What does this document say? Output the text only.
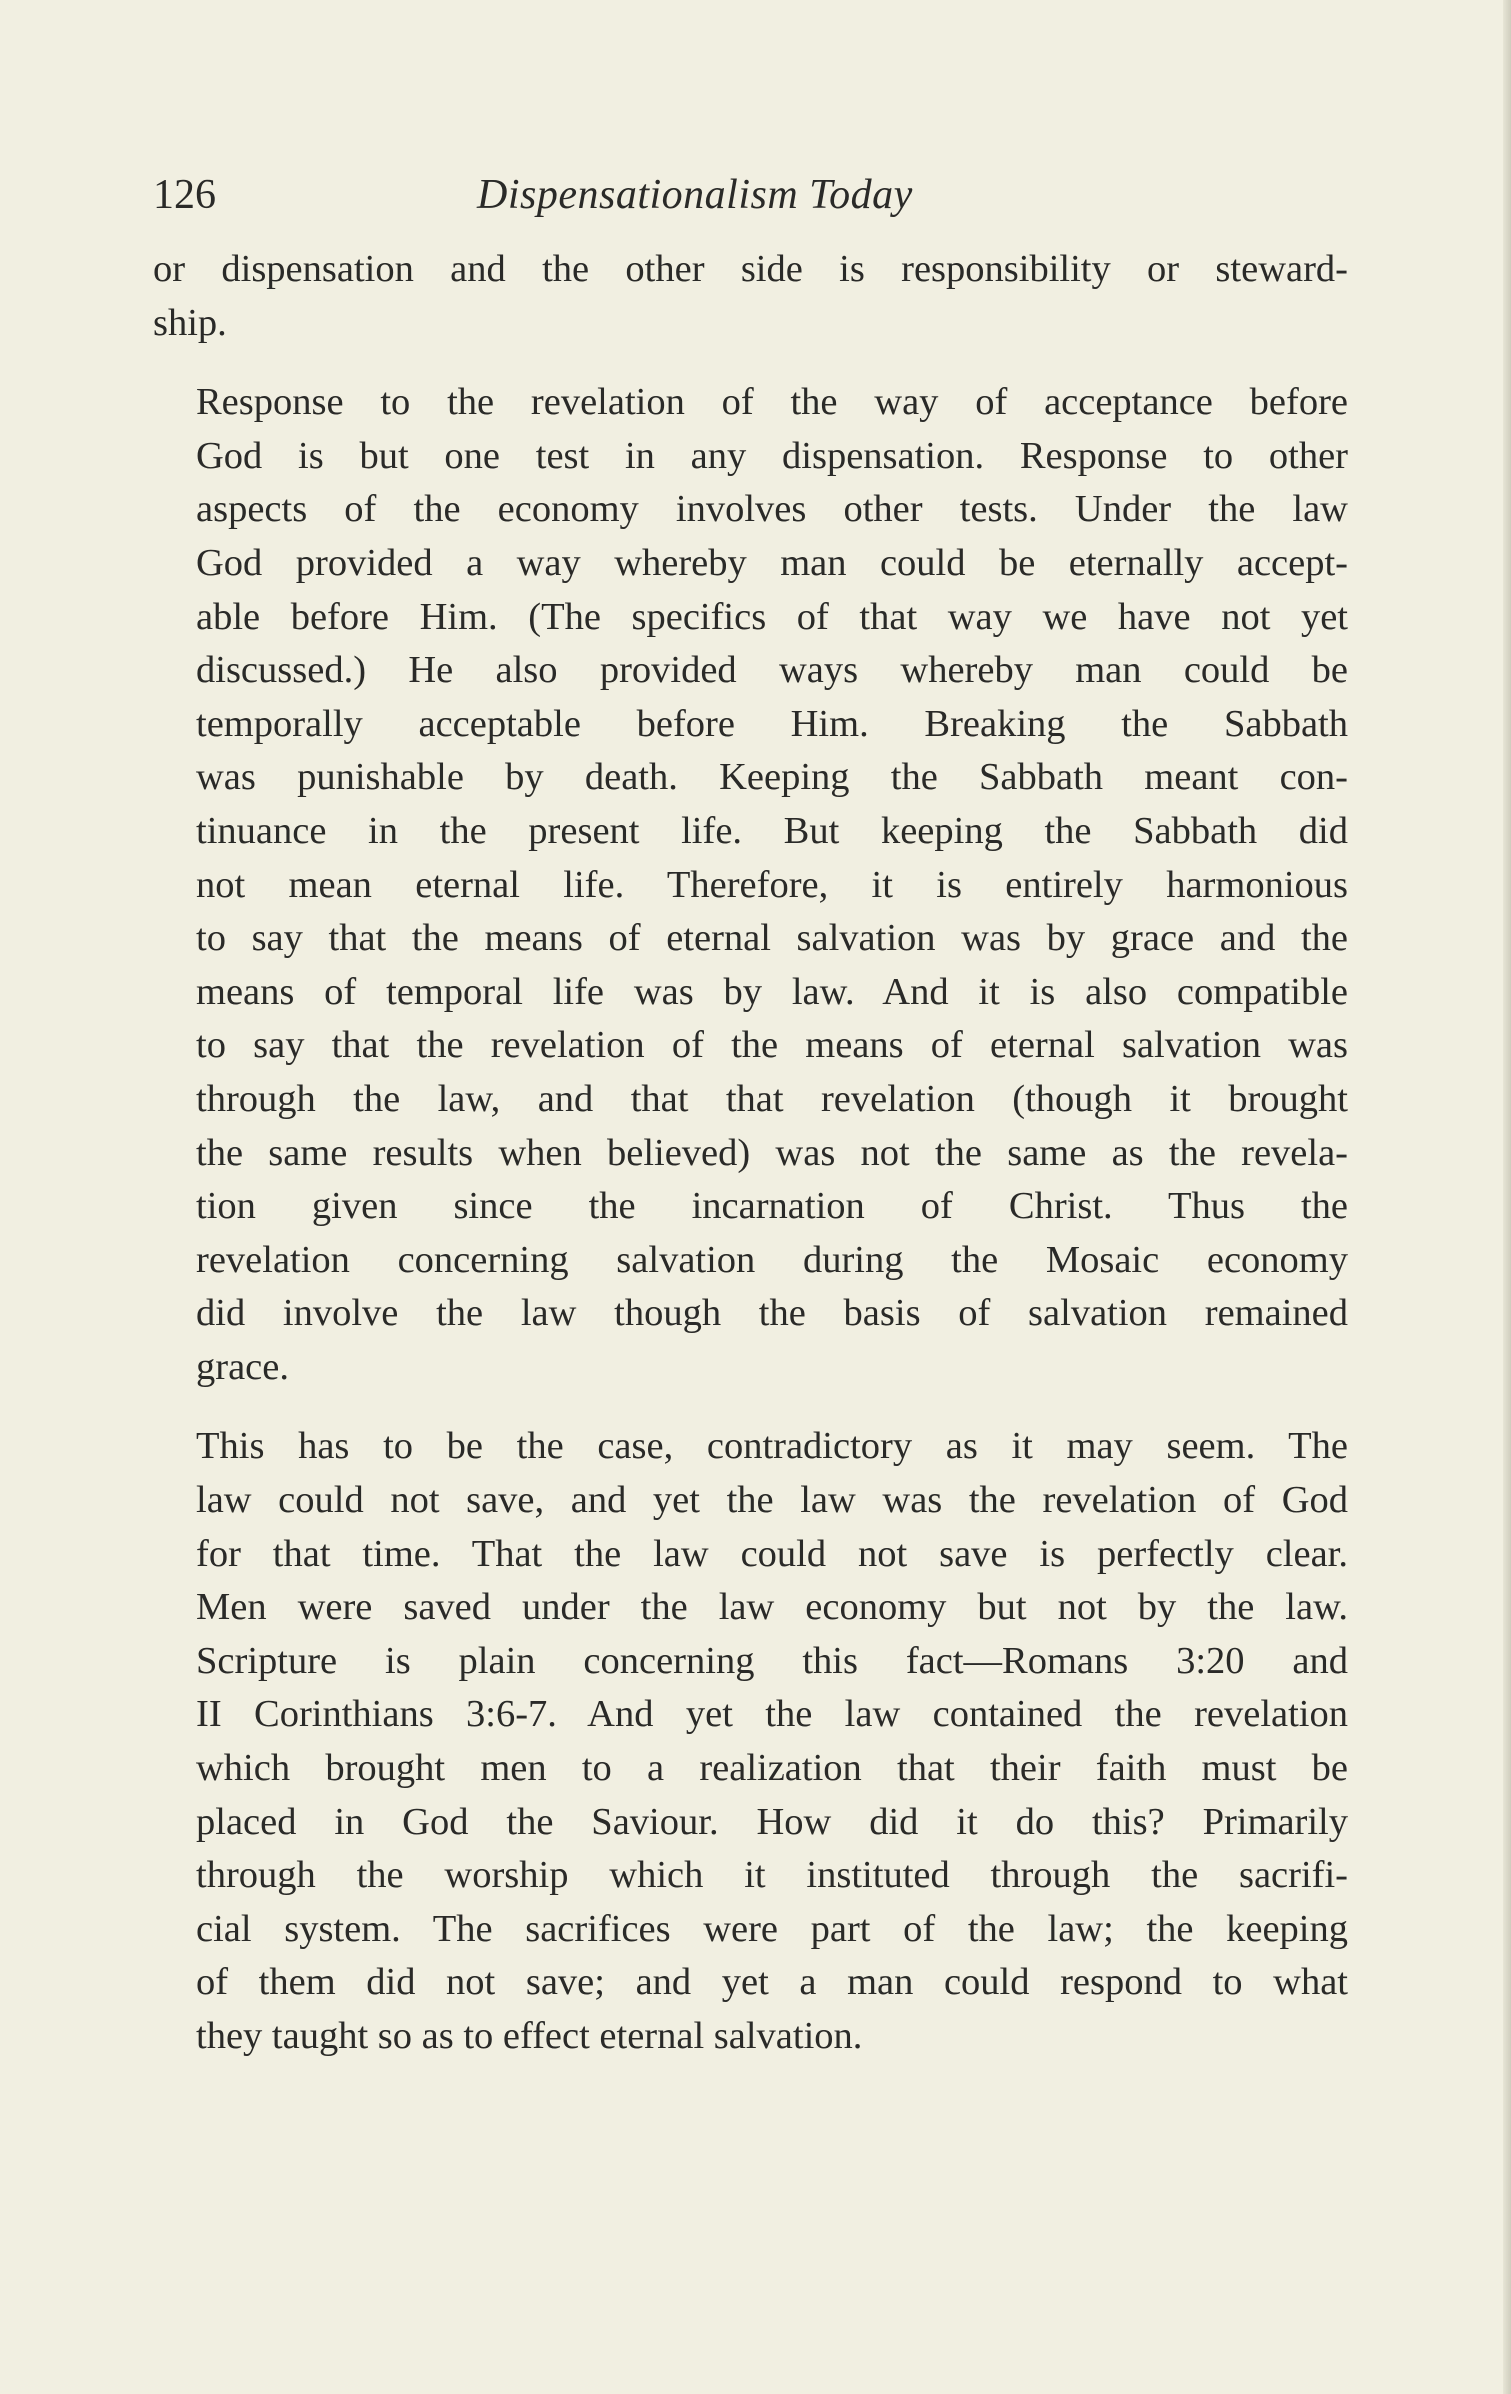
126	Dispensationalism Today

or dispensation and the other side is responsibility or steward-
ship.

Response to the revelation of the way of acceptance before
God is but one test in any dispensation. Response to other
aspects of the economy involves other tests. Under the law
God provided a way whereby man could be eternally accept-
able before Him. (The specifics of that way we have not yet
discussed.) He also provided ways whereby man could be
temporally acceptable before Him. Breaking the Sabbath
was punishable by death. Keeping the Sabbath meant con-
tinuance in the present life. But keeping the Sabbath did
not mean eternal life. Therefore, it is entirely harmonious
to say that the means of eternal salvation was by grace and the
means of temporal life was by law. And it is also compatible
to say that the revelation of the means of eternal salvation was
through the law, and that that revelation (though it brought
the same results when believed) was not the same as the revela-
tion given since the incarnation of Christ. Thus the
revelation concerning salvation during the Mosaic economy
did involve the law though the basis of salvation remained
grace.

This has to be the case, contradictory as it may seem. The
law could not save, and yet the law was the revelation of God
for that time. That the law could not save is perfectly clear.
Men were saved under the law economy but not by the law.
Scripture is plain concerning this fact—Romans 3:20 and
II Corinthians 3:6-7. And yet the law contained the revelation
which brought men to a realization that their faith must be
placed in God the Saviour. How did it do this? Primarily
through the worship which it instituted through the sacrifi-
cial system. The sacrifices were part of the law; the keeping
of them did not save; and yet a man could respond to what
they taught so as to effect eternal salvation.
